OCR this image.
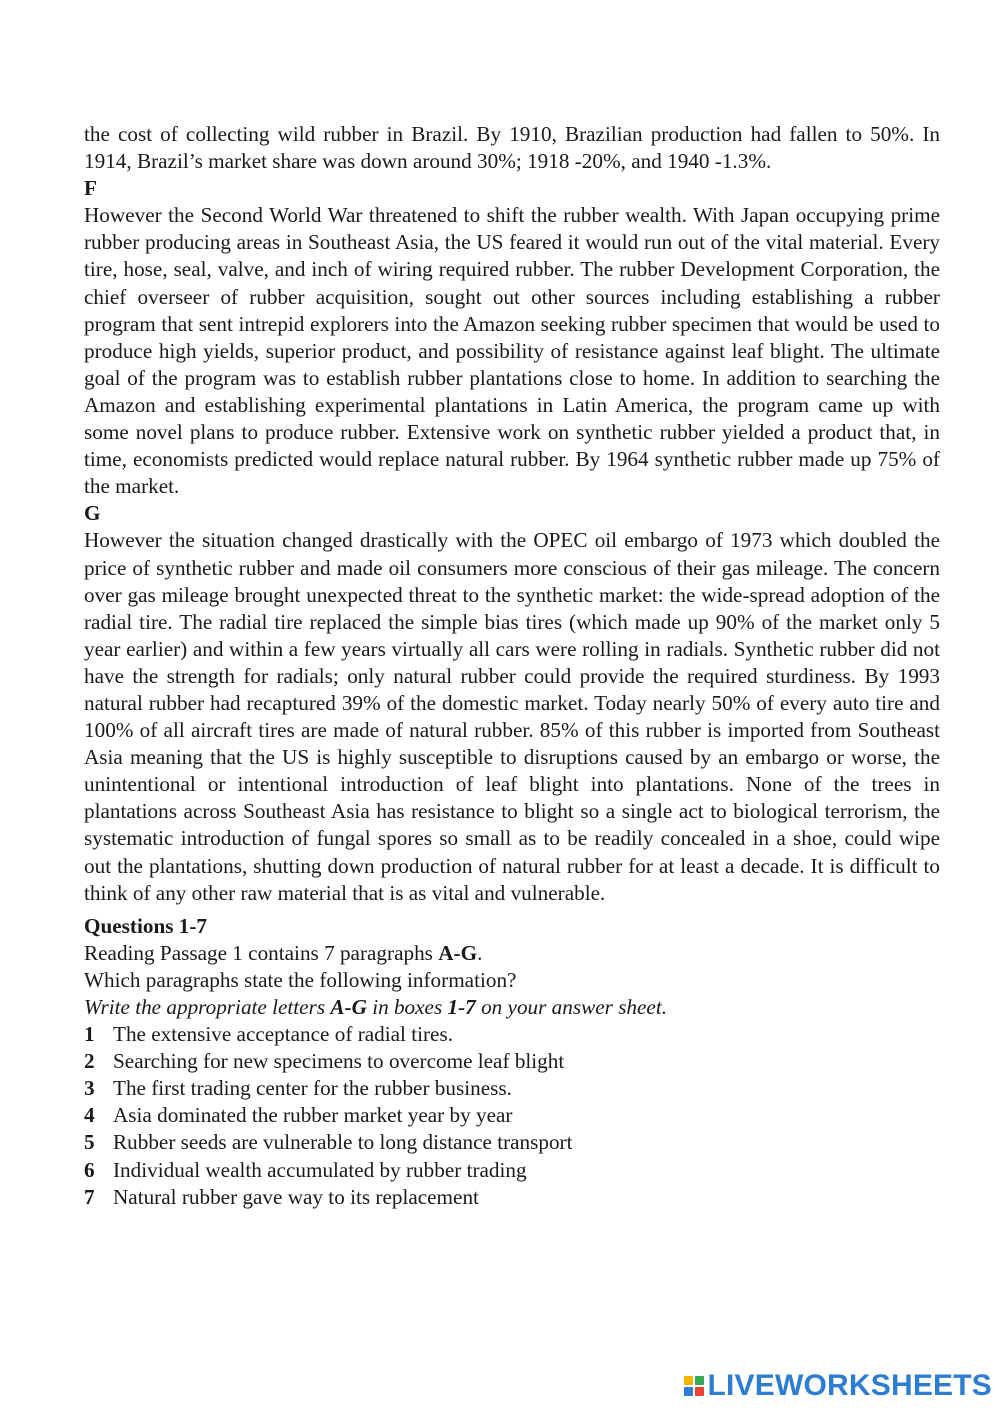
the cost of collecting wild rubber in Brazil. By 1910, Brazilian production had fallen to 50%. In 1914, Brazil’s market share was down around 30%; 1918 -20%, and 1940 -1.3%.

F

However the Second World War threatened to shift the rubber wealth. With Japan occupying prime rubber producing areas in Southeast Asia, the US feared it would run out of the vital material. Every tire, hose, seal, valve, and inch of wiring required rubber. The rubber Development Corporation, the chief overseer of rubber acquisition, sought out other sources including establishing a rubber program that sent intrepid explorers into the Amazon seeking rubber specimen that would be used to produce high yields, superior product, and possibility of resistance against leaf blight. The ultimate goal of the program was to establish rubber plantations close to home. In addition to searching the Amazon and establishing experimental plantations in Latin America, the program came up with some novel plans to produce rubber. Extensive work on synthetic rubber yielded a product that, in time, economists predicted would replace natural rubber. By 1964 synthetic rubber made up 75% of the market.

G

However the situation changed drastically with the OPEC oil embargo of 1973 which doubled the price of synthetic rubber and made oil consumers more conscious of their gas mileage. The concern over gas mileage brought unexpected threat to the synthetic market: the wide-spread adoption of the radial tire. The radial tire replaced the simple bias tires (which made up 90% of the market only 5 year earlier) and within a few years virtually all cars were rolling in radials. Synthetic rubber did not have the strength for radials; only natural rubber could provide the required sturdiness. By 1993 natural rubber had recaptured 39% of the domestic market. Today nearly 50% of every auto tire and 100% of all aircraft tires are made of natural rubber. 85% of this rubber is imported from Southeast Asia meaning that the US is highly susceptible to disruptions caused by an embargo or worse, the unintentional or intentional introduction of leaf blight into plantations. None of the trees in plantations across Southeast Asia has resistance to blight so a single act to biological terrorism, the systematic introduction of fungal spores so small as to be readily concealed in a shoe, could wipe out the plantations, shutting down production of natural rubber for at least a decade. It is difficult to think of any other raw material that is as vital and vulnerable.

Questions 1-7

Reading Passage 1 contains 7 paragraphs A-G.

Which paragraphs state the following information?

Write the appropriate letters A-G in boxes 1-7 on your answer sheet.

1 The extensive acceptance of radial tires.
2 Searching for new specimens to overcome leaf blight
3 The first trading center for the rubber business.
4 Asia dominated the rubber market year by year
5 Rubber seeds are vulnerable to long distance transport
6 Individual wealth accumulated by rubber trading
7 Natural rubber gave way to its replacement
LIVEWORKSHEETS
